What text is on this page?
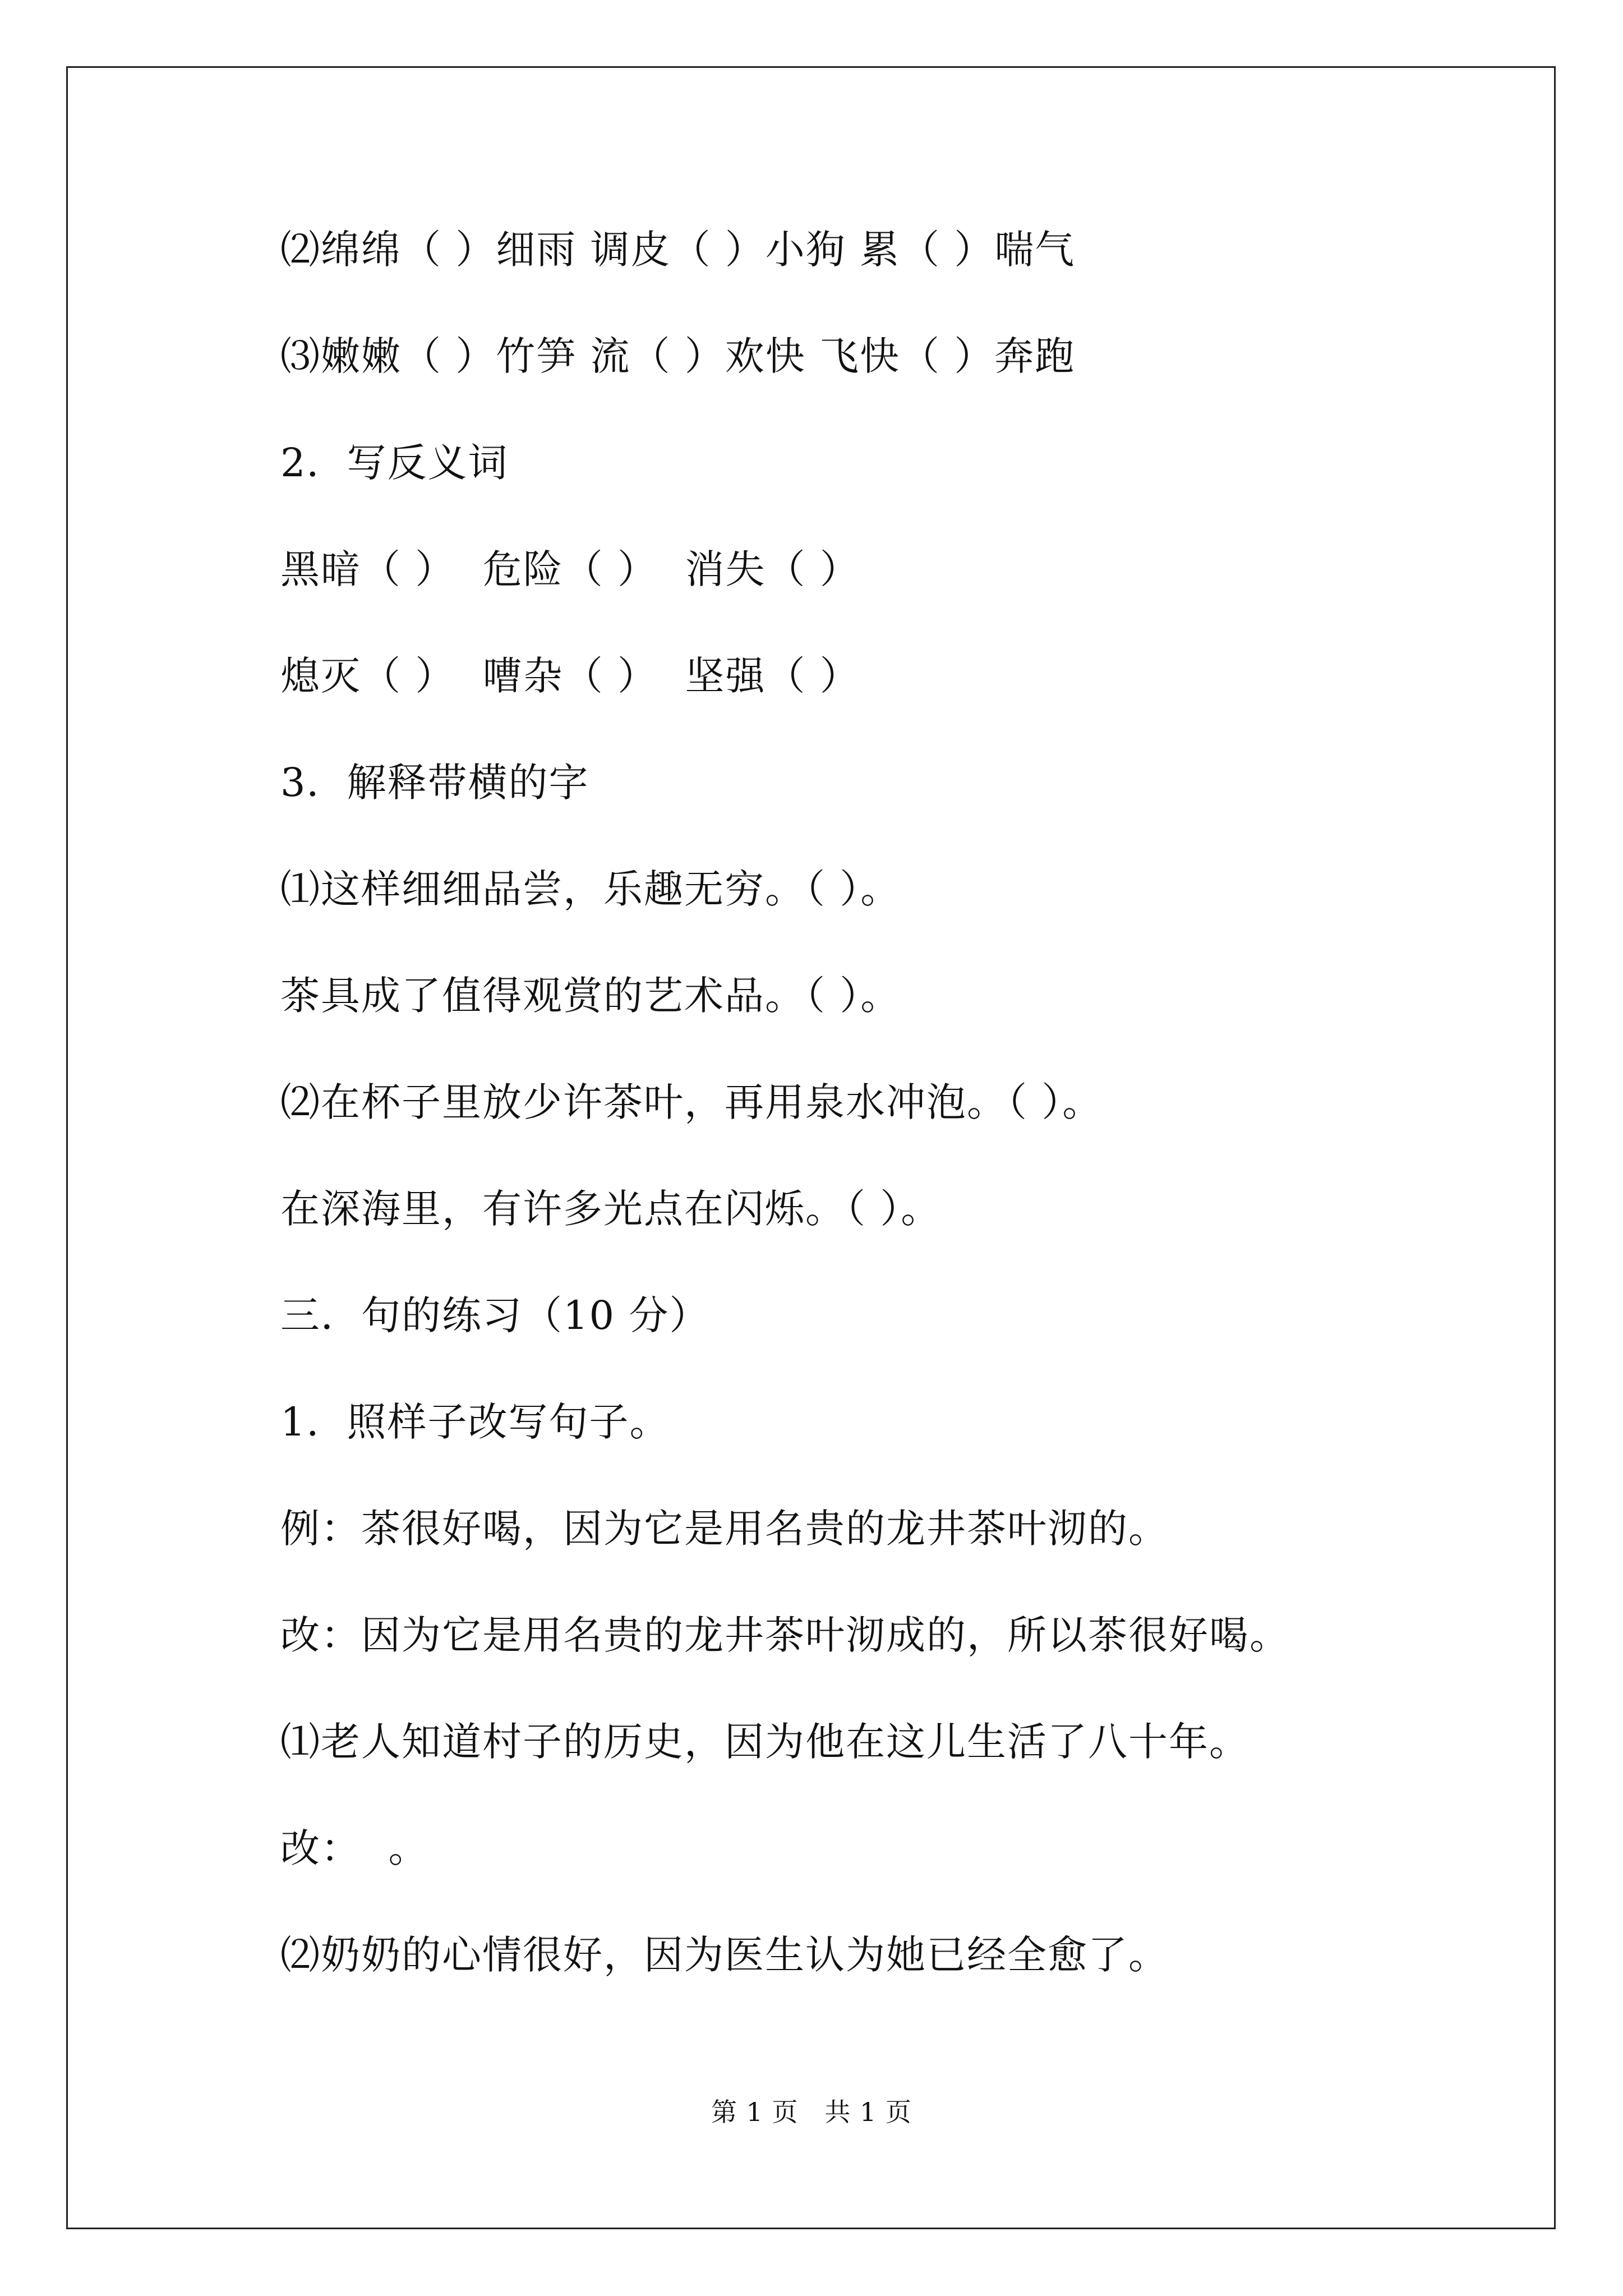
⑵绵绵（ ）细雨 调皮（ ）小狗 累（ ）喘气
⑶嫩嫩（ ）竹笋 流（ ）欢快 飞快（ ）奔跑
2．写反义词
黑暗（ ）  危险（ ）  消失（ ）
熄灭（ ）  嘈杂（ ）  坚强（ ）
3．解释带横的字
⑴这样细细品尝，乐趣无穷。（ ）。
茶具成了值得观赏的艺术品。（ ）。
⑵在杯子里放少许茶叶，再用泉水冲泡。（ ）。
在深海里，有许多光点在闪烁。（ ）。
三．句的练习（10 分）
1．照样子改写句子。
例：茶很好喝，因为它是用名贵的龙井茶叶沏的。
改：因为它是用名贵的龙井茶叶沏成的，所以茶很好喝。
⑴老人知道村子的历史，因为他在这儿生活了八十年。
改：  。
⑵奶奶的心情很好，因为医生认为她已经全愈了。
第 1 页   共 1 页
